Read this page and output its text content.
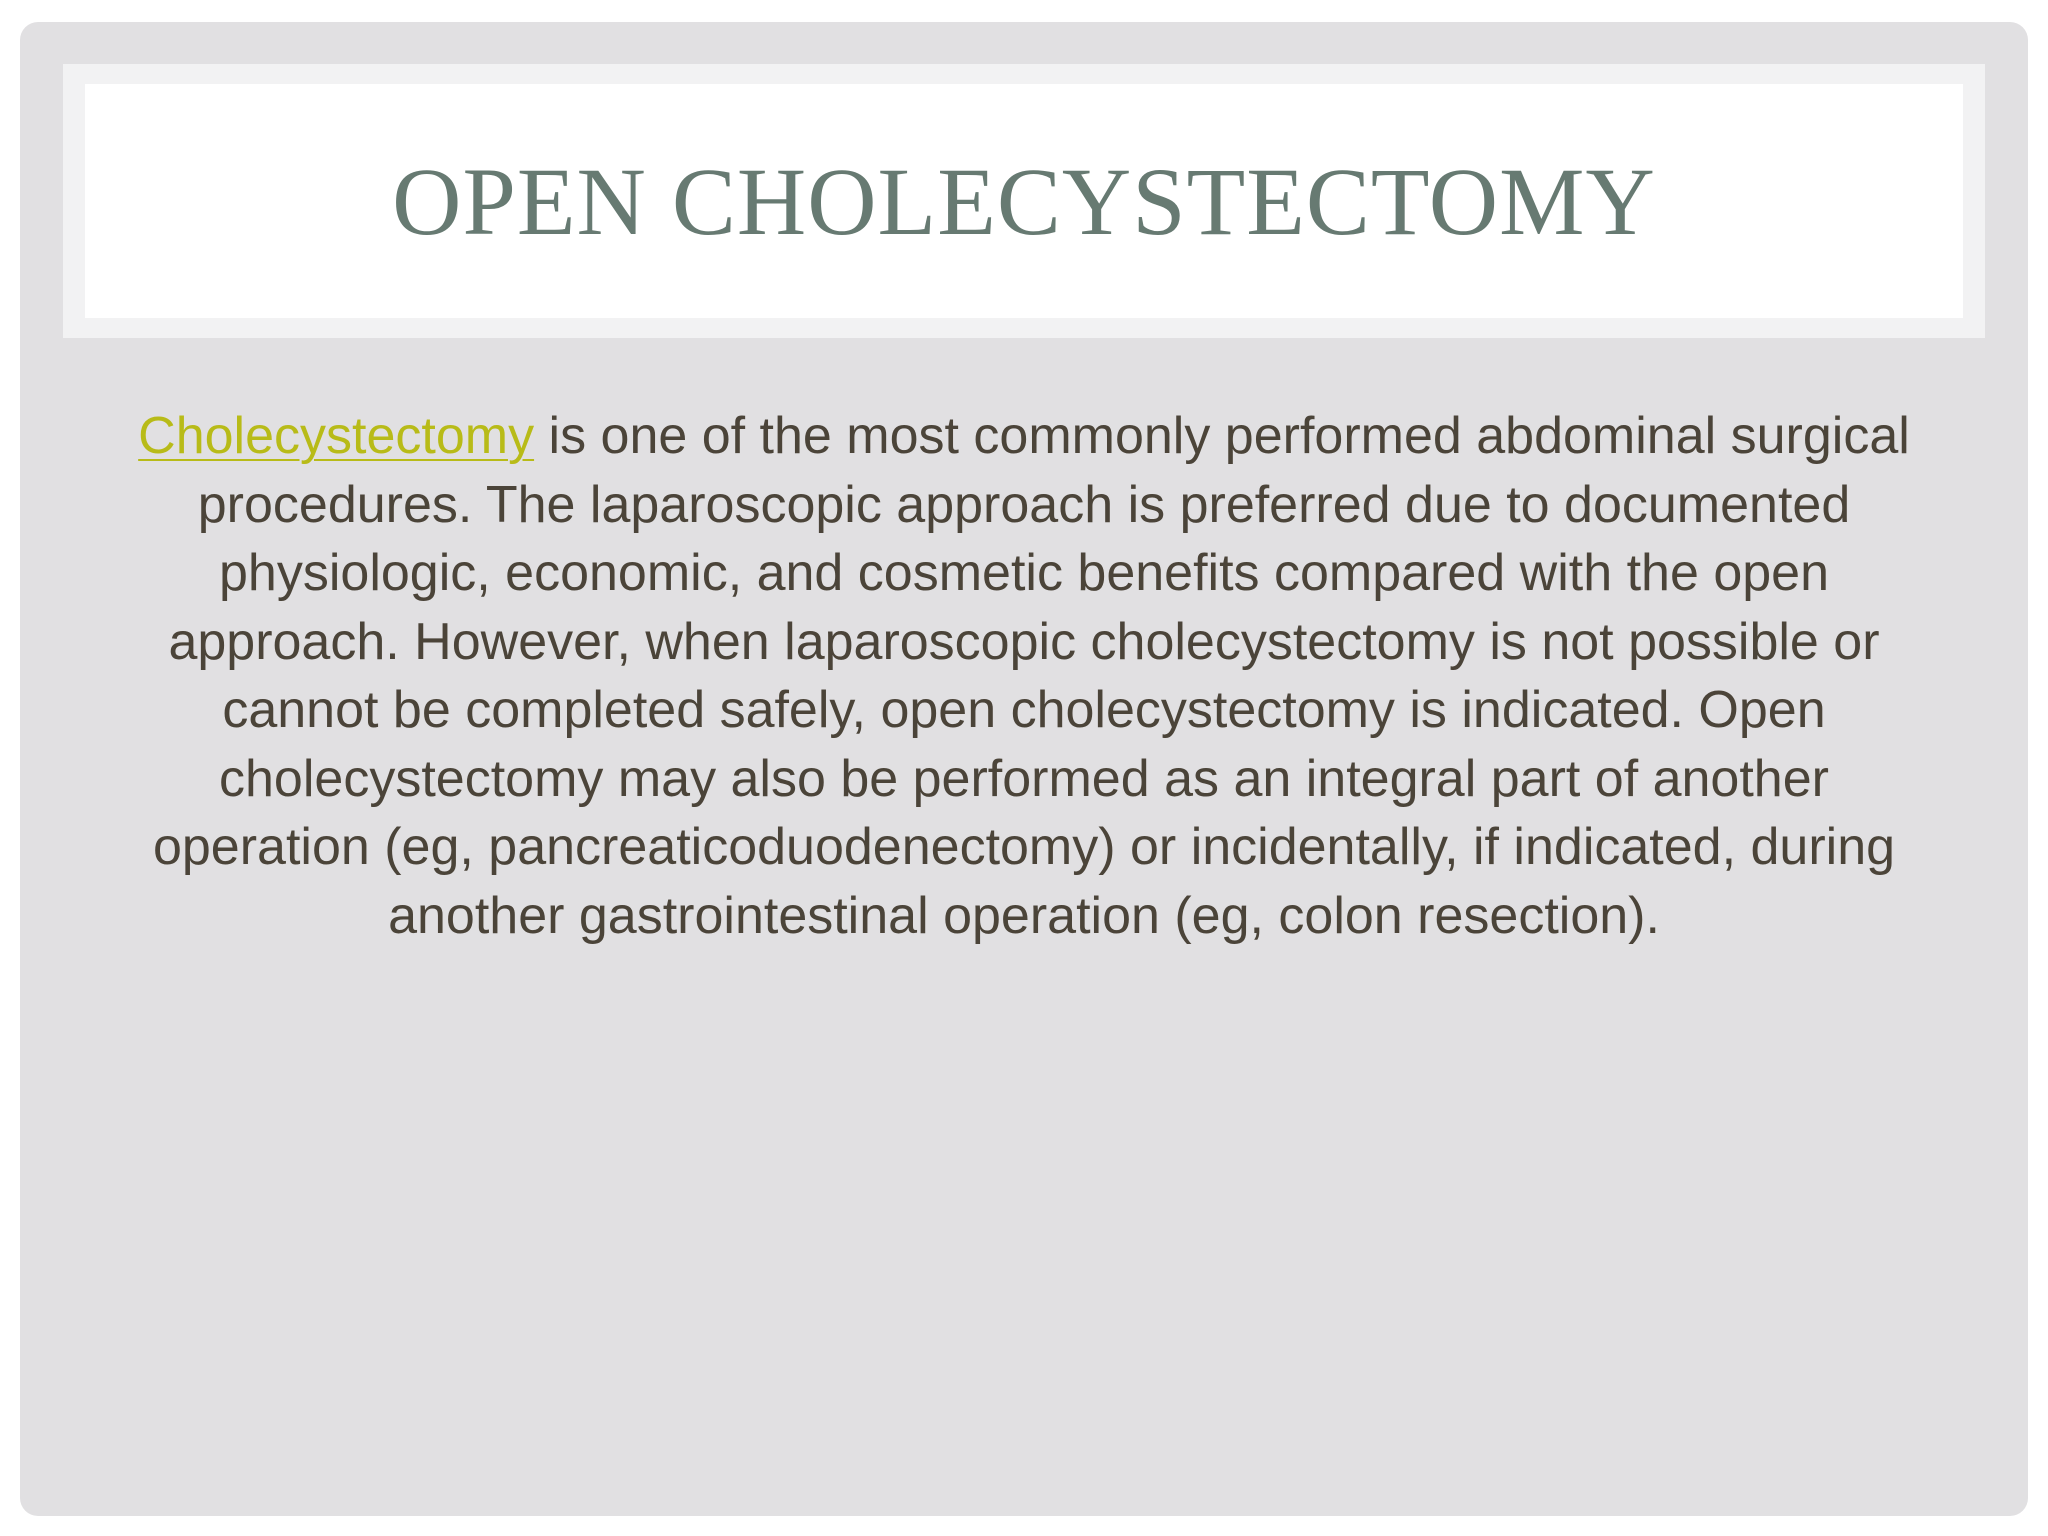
OPEN CHOLECYSTECTOMY

Cholecystectomy is one of the most commonly performed abdominal surgical procedures. The laparoscopic approach is preferred due to documented physiologic, economic, and cosmetic benefits compared with the open approach. However, when laparoscopic cholecystectomy is not possible or cannot be completed safely, open cholecystectomy is indicated. Open cholecystectomy may also be performed as an integral part of another operation (eg, pancreaticoduodenectomy) or incidentally, if indicated, during another gastrointestinal operation (eg, colon resection).
